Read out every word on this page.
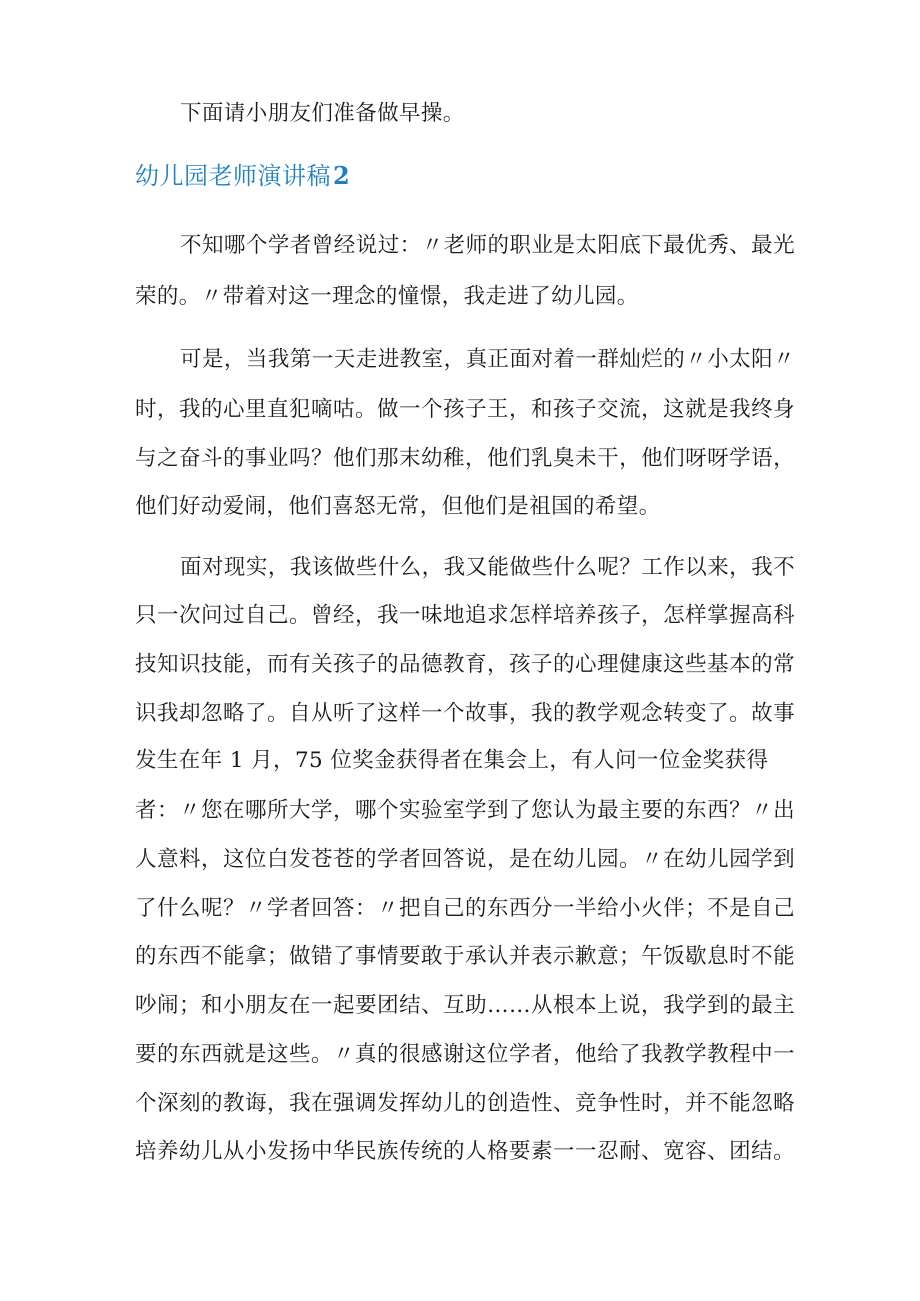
下面请小朋友们准备做早操。
幼儿园老师演讲稿2
不知哪个学者曾经说过：〃老师的职业是太阳底下最优秀、最光
荣的。〃带着对这一理念的憧憬，我走进了幼儿园。
可是，当我第一天走进教室，真正面对着一群灿烂的〃小太阳〃
时，我的心里直犯嘀咕。做一个孩子王，和孩子交流，这就是我终身
与之奋斗的事业吗？他们那末幼稚，他们乳臭未干，他们呀呀学语，
他们好动爱闹，他们喜怒无常，但他们是祖国的希望。
面对现实，我该做些什么，我又能做些什么呢？工作以来，我不
只一次问过自己。曾经，我一味地追求怎样培养孩子，怎样掌握高科
技知识技能，而有关孩子的品德教育，孩子的心理健康这些基本的常
识我却忽略了。自从听了这样一个故事，我的教学观念转变了。故事
发生在年 1 月，75 位奖金获得者在集会上，有人问一位金奖获得
者：〃您在哪所大学，哪个实验室学到了您认为最主要的东西？〃出
人意料，这位白发苍苍的学者回答说，是在幼儿园。〃在幼儿园学到
了什么呢？〃学者回答：〃把自己的东西分一半给小火伴；不是自己
的东西不能拿；做错了事情要敢于承认并表示歉意；午饭歇息时不能
吵闹；和小朋友在一起要团结、互助……从根本上说，我学到的最主
要的东西就是这些。〃真的很感谢这位学者，他给了我教学教程中一
个深刻的教诲，我在强调发挥幼儿的创造性、竞争性时，并不能忽略
培养幼儿从小发扬中华民族传统的人格要素一一忍耐、宽容、团结。
